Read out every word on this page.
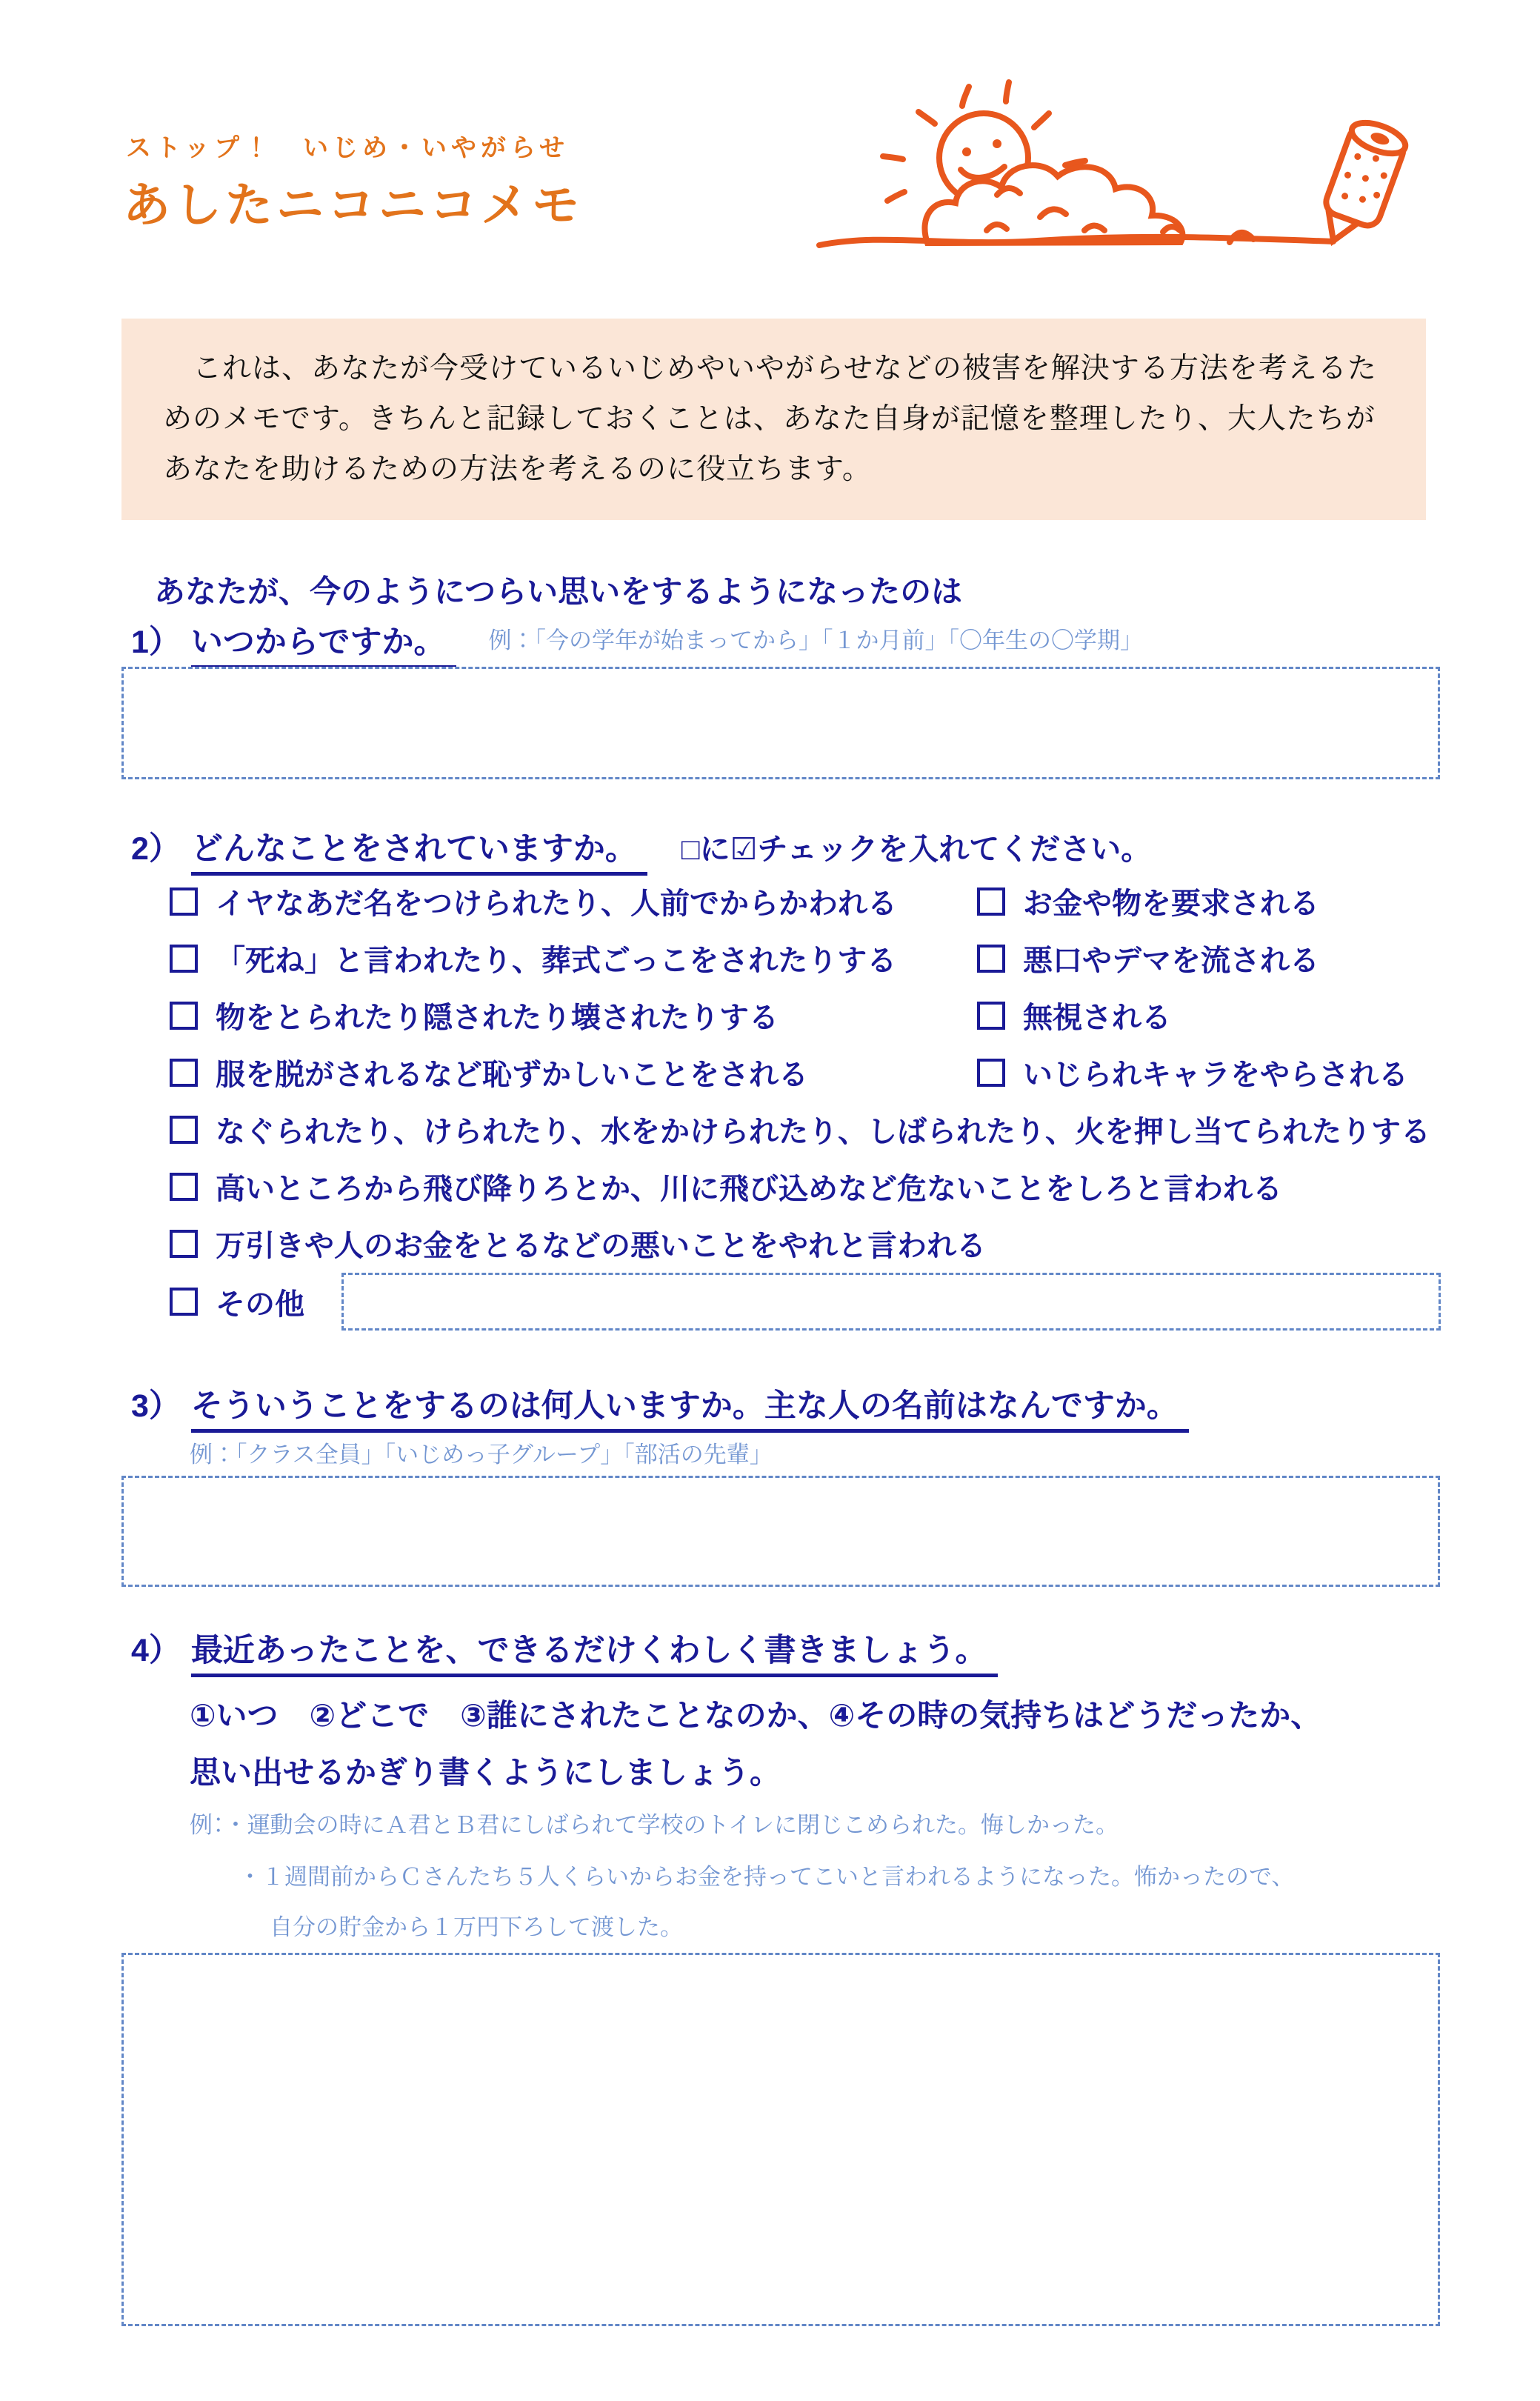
ストップ！　いじめ・いやがらせ
あしたニコニコメモ

　これは、あなたが今受けているいじめやいやがらせなどの被害を解決する方法を考えるためのメモです。きちんと記録しておくことは、あなた自身が記憶を整理したり、大人たちがあなたを助けるための方法を考えるのに役立ちます。

あなたが、今のようにつらい思いをするようになったのは
1） いつからですか。 例：「今の学年が始まってから」「１か月前」「〇年生の〇学期」
2） どんなことをされていますか。 □に☑チェックを入れてください。
イヤなあだ名をつけられたり、人前でからかわれる	お金や物を要求される
「死ね」と言われたり、葬式ごっこをされたりする	悪口やデマを流される
物をとられたり隠されたり壊されたりする	無視される
服を脱がされるなど恥ずかしいことをされる	いじられキャラをやらされる
なぐられたり、けられたり、水をかけられたり、しばられたり、火を押し当てられたりする
高いところから飛び降りろとか、川に飛び込めなど危ないことをしろと言われる
万引きや人のお金をとるなどの悪いことをやれと言われる
その他
3） そういうことをするのは何人いますか。主な人の名前はなんですか。
例：「クラス全員」「いじめっ子グループ」「部活の先輩」
4） 最近あったことを、できるだけくわしく書きましょう。
①いつ　②どこで　③誰にされたことなのか、④その時の気持ちはどうだったか、
思い出せるかぎり書くようにしましょう。
例：・運動会の時にＡ君とＢ君にしばられて学校のトイレに閉じこめられた。悔しかった。
・１週間前からＣさんたち５人くらいからお金を持ってこいと言われるようになった。怖かったので、
自分の貯金から１万円下ろして渡した。
